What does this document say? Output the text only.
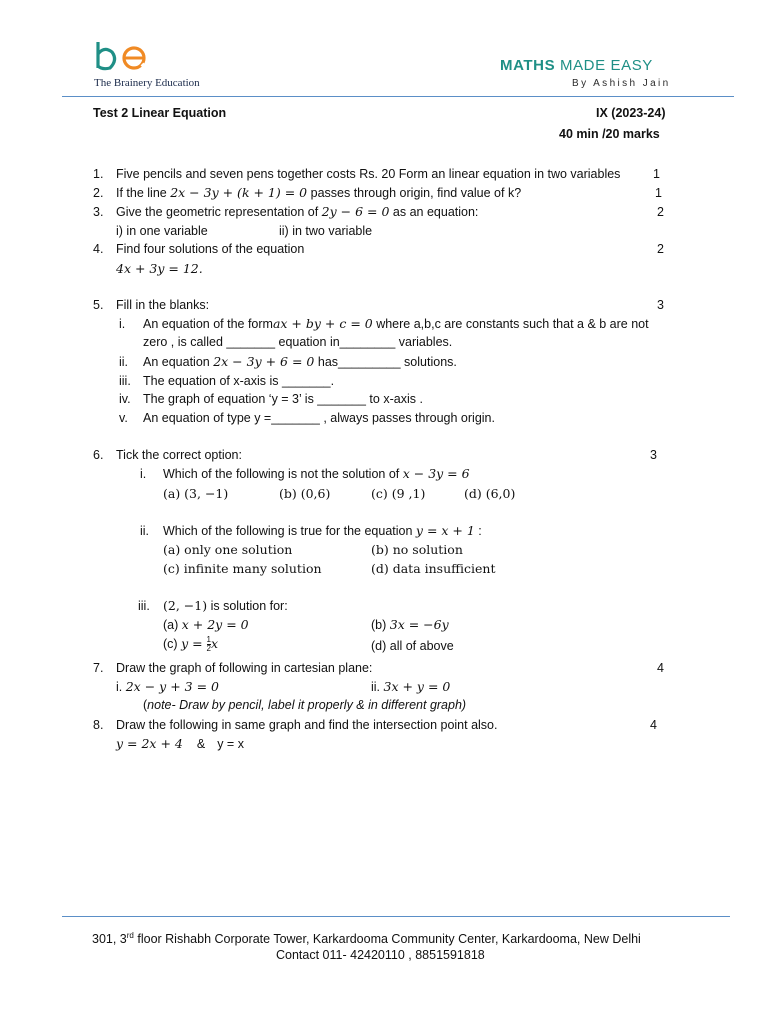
The Brainery Education
MATHS MADE EASY
By Ashish Jain
Test 2 Linear Equation	IX (2023-24)
40 min /20 marks
1. Five pencils and seven pens together costs Rs. 20 Form an linear equation in two variables	1
2. If the line 2x − 3y + (k + 1) = 0 passes through origin, find value of k?	1
3. Give the geometric representation of 2y − 6 = 0 as an equation:	2
i) in one variable	ii) in two variable
4. Find four solutions of the equation	2
4x + 3y = 12.
5. Fill in the blanks:	3
i. An equation of the formax + by + c = 0 where a,b,c are constants such that a & b are not
zero , is called _______ equation in________ variables.
ii. An equation 2x − 3y + 6 = 0 has_________ solutions.
iii. The equation of x-axis is _______.
iv. The graph of equation ‘y = 3’ is _______ to x-axis .
v. An equation of type y =_______ , always passes through origin.
6. Tick the correct option:	3
i. Which of the following is not the solution of x − 3y = 6
(a) (3, −1)	(b) (0,6)	(c) (9 ,1)	(d) (6,0)
ii. Which of the following is true for the equation y = x + 1 :
(a) only one solution	(b) no solution
(c) infinite many solution	(d) data insufficient
iii. (2, −1) is solution for:
(a) x + 2y = 0	(b) 3x = −6y
(c) $y = \frac{1}{2}$ x	(d) all of above
7. Draw the graph of following in cartesian plane:	4
i. 2x − y + 3 = 0	ii. 3x + y = 0
(note- Draw by pencil, label it properly & in different graph)
8. Draw the following in same graph and find the intersection point also.	4
y = 2x + 4 & y = x
301, 3rd floor Rishabh Corporate Tower, Karkardooma Community Center, Karkardooma, New Delhi
Contact 011- 42420110 , 8851591818
